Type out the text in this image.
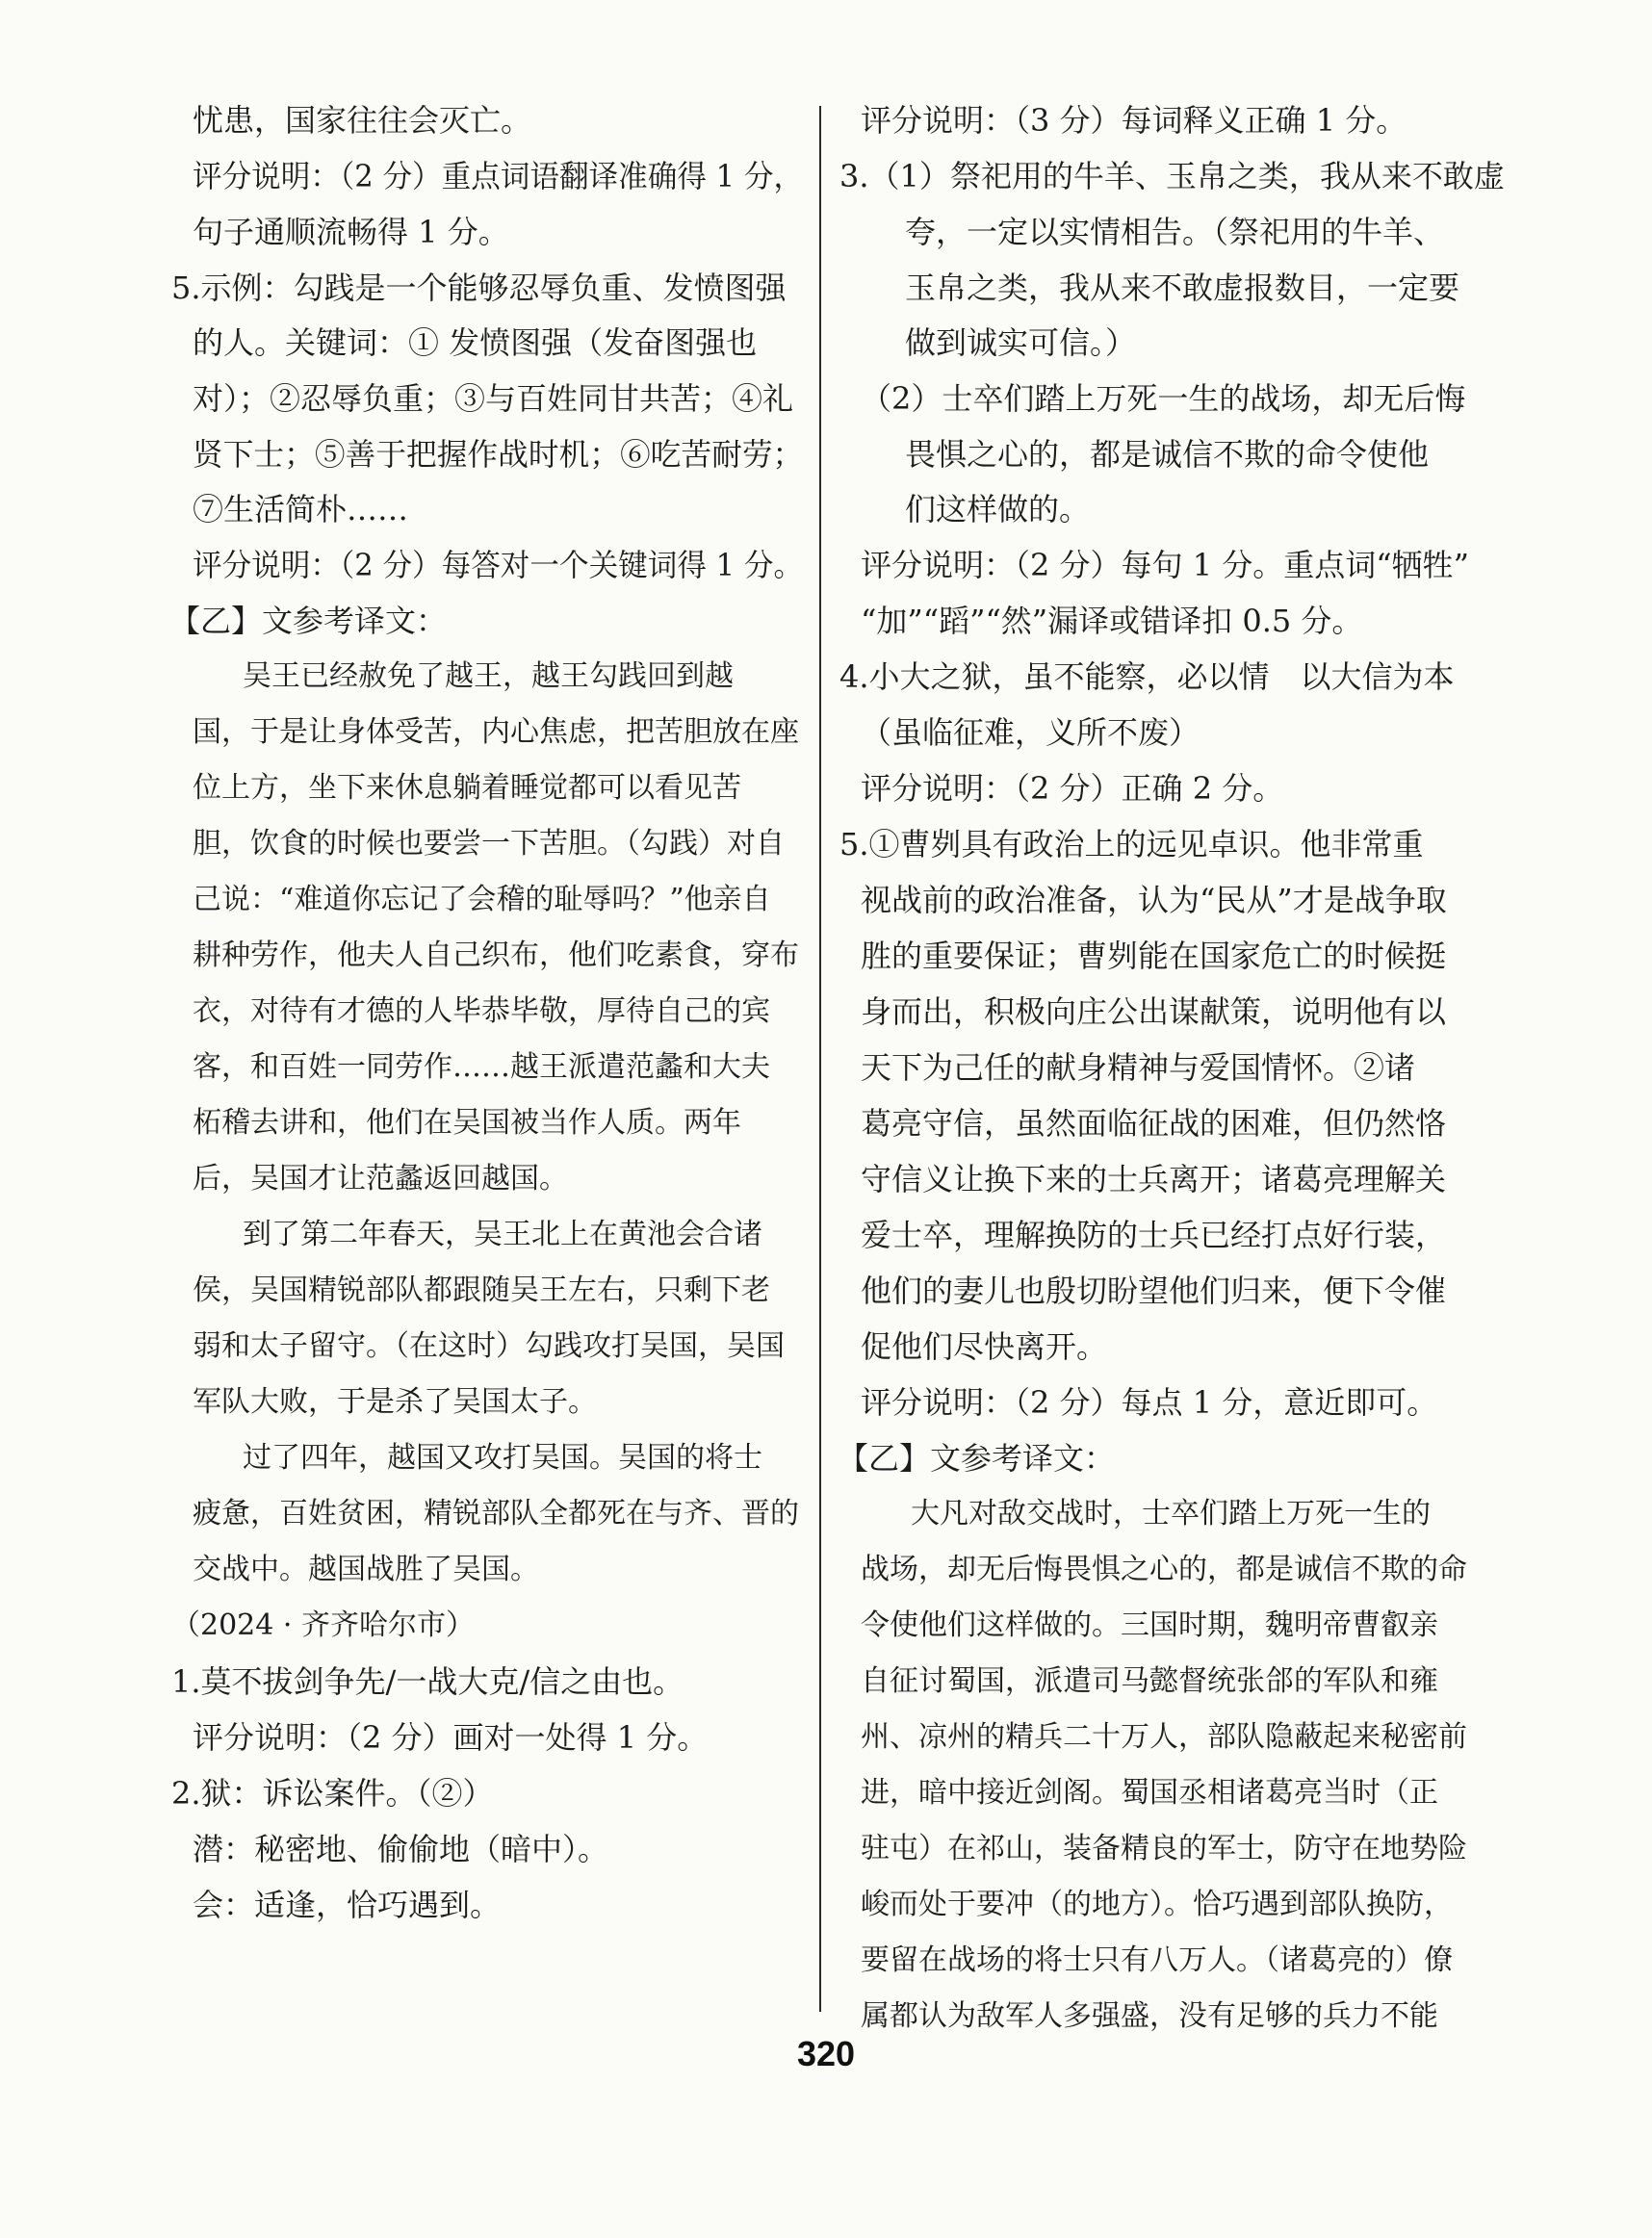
忧患，国家往往会灭亡。
评分说明：（2 分）重点词语翻译准确得 1 分，
句子通顺流畅得 1 分。
5.示例：勾践是一个能够忍辱负重、发愤图强
的人。关键词：① 发愤图强（发奋图强也
对）；②忍辱负重；③与百姓同甘共苦；④礼
贤下士；⑤善于把握作战时机；⑥吃苦耐劳；
⑦生活简朴……
评分说明：（2 分）每答对一个关键词得 1 分。
【乙】文参考译文：
吴王已经赦免了越王，越王勾践回到越
国，于是让身体受苦，内心焦虑，把苦胆放在座
位上方，坐下来休息躺着睡觉都可以看见苦
胆，饮食的时候也要尝一下苦胆。（勾践）对自
己说：“难道你忘记了会稽的耻辱吗？”他亲自
耕种劳作，他夫人自己织布，他们吃素食，穿布
衣，对待有才德的人毕恭毕敬，厚待自己的宾
客，和百姓一同劳作……越王派遣范蠡和大夫
柘稽去讲和，他们在吴国被当作人质。两年
后，吴国才让范蠡返回越国。
到了第二年春天，吴王北上在黄池会合诸
侯，吴国精锐部队都跟随吴王左右，只剩下老
弱和太子留守。（在这时）勾践攻打吴国，吴国
军队大败，于是杀了吴国太子。
过了四年，越国又攻打吴国。吴国的将士
疲惫，百姓贫困，精锐部队全都死在与齐、晋的
交战中。越国战胜了吴国。
（2024 · 齐齐哈尔市）
1.莫不拔剑争先/一战大克/信之由也。
评分说明：（2 分）画对一处得 1 分。
2.狱：诉讼案件。（②）
潜：秘密地、偷偷地（暗中）。
会：适逢，恰巧遇到。
评分说明：（3 分）每词释义正确 1 分。
3.（1）祭祀用的牛羊、玉帛之类，我从来不敢虚
夸，一定以实情相告。（祭祀用的牛羊、
玉帛之类，我从来不敢虚报数目，一定要
做到诚实可信。）
（2）士卒们踏上万死一生的战场，却无后悔
畏惧之心的，都是诚信不欺的命令使他
们这样做的。
评分说明：（2 分）每句 1 分。重点词“牺牲”
“加”“蹈”“然”漏译或错译扣 0.5 分。
4.小大之狱，虽不能察，必以情　以大信为本
（虽临征难，义所不废）
评分说明：（2 分）正确 2 分。
5.①曹刿具有政治上的远见卓识。他非常重
视战前的政治准备，认为“民从”才是战争取
胜的重要保证；曹刿能在国家危亡的时候挺
身而出，积极向庄公出谋献策，说明他有以
天下为己任的献身精神与爱国情怀。②诸
葛亮守信，虽然面临征战的困难，但仍然恪
守信义让换下来的士兵离开；诸葛亮理解关
爱士卒，理解换防的士兵已经打点好行装，
他们的妻儿也殷切盼望他们归来，便下令催
促他们尽快离开。
评分说明：（2 分）每点 1 分，意近即可。
【乙】文参考译文：
大凡对敌交战时，士卒们踏上万死一生的
战场，却无后悔畏惧之心的，都是诚信不欺的命
令使他们这样做的。三国时期，魏明帝曹叡亲
自征讨蜀国，派遣司马懿督统张郃的军队和雍
州、凉州的精兵二十万人，部队隐蔽起来秘密前
进，暗中接近剑阁。蜀国丞相诸葛亮当时（正
驻屯）在祁山，装备精良的军士，防守在地势险
峻而处于要冲（的地方）。恰巧遇到部队换防，
要留在战场的将士只有八万人。（诸葛亮的）僚
属都认为敌军人多强盛，没有足够的兵力不能
320
